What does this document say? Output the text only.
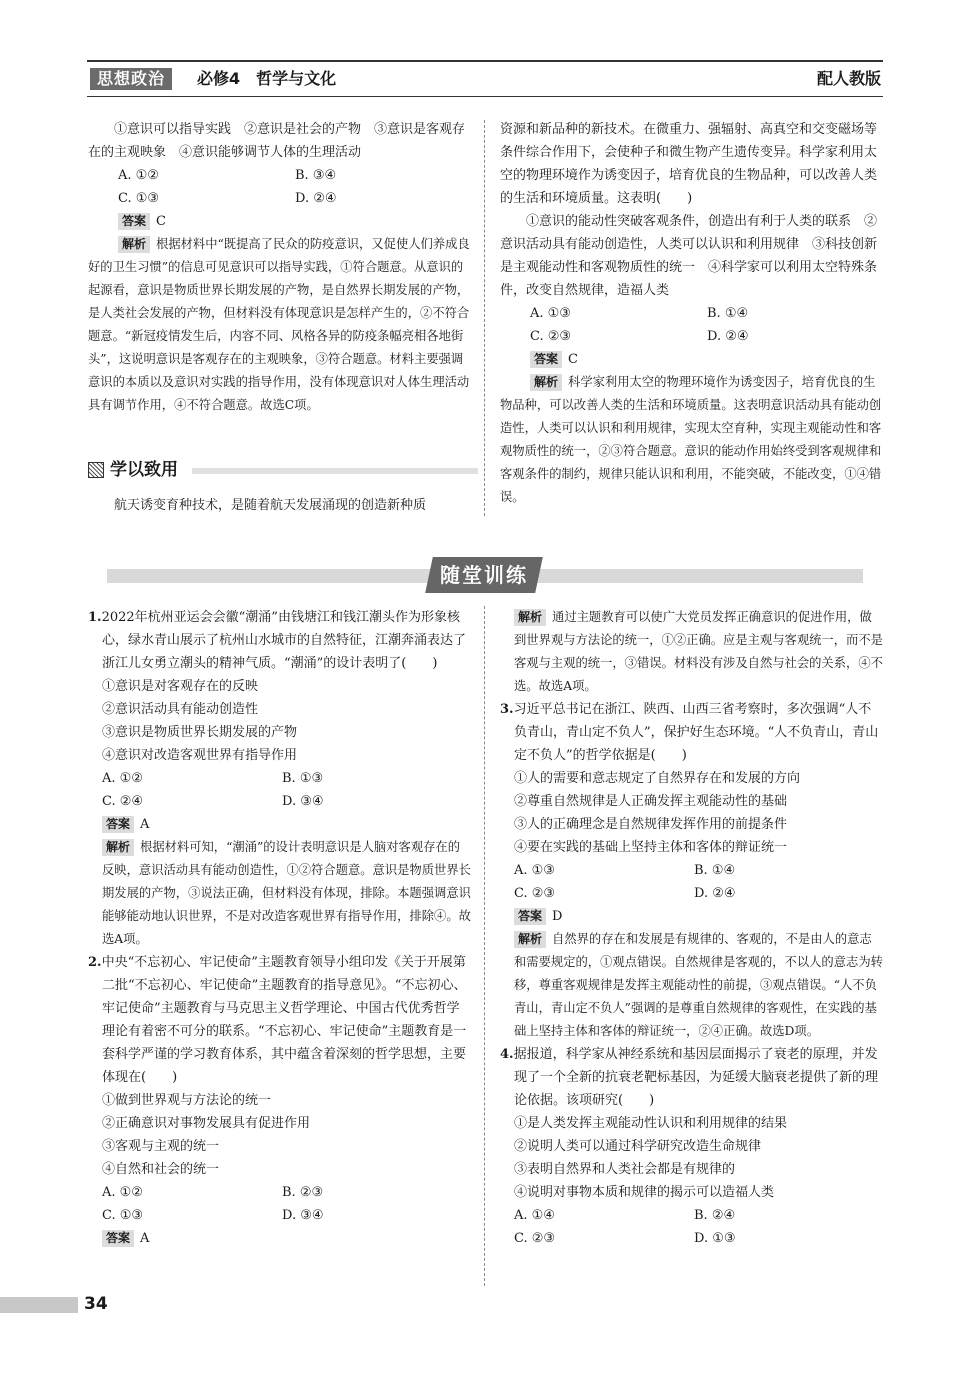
思想政治	必修4　哲学与文化	配人教版

①意识可以指导实践　②意识是社会的产物　③意识是客观存在的主观映象　④意识能够调节人体的生理活动

A. ①②	B. ③④
C. ①③	D. ②④

答案 C

解析 根据材料中“既提高了民众的防疫意识，又促使人们养成良好的卫生习惯”的信息可见意识可以指导实践，①符合题意。从意识的起源看，意识是物质世界长期发展的产物，是自然界长期发展的产物，是人类社会发展的产物，但材料没有体现意识是怎样产生的，②不符合题意。“新冠疫情发生后，内容不同、风格各异的防疫条幅亮相各地街头”，这说明意识是客观存在的主观映象，③符合题意。材料主要强调意识的本质以及意识对实践的指导作用，没有体现意识对人体生理活动具有调节作用，④不符合题意。故选C项。

学以致用

航天诱变育种技术，是随着航天发展涌现的创造新种质

资源和新品种的新技术。在微重力、强辐射、高真空和交变磁场等条件综合作用下，会使种子和微生物产生遗传变异。科学家利用太空的物理环境作为诱变因子，培育优良的生物品种，可以改善人类的生活和环境质量。这表明(　　)

①意识的能动性突破客观条件，创造出有利于人类的联系　②意识活动具有能动创造性，人类可以认识和利用规律　③科技创新是主观能动性和客观物质性的统一　④科学家可以利用太空特殊条件，改变自然规律，造福人类

A. ①③	B. ①④
C. ②③	D. ②④

答案 C

解析 科学家利用太空的物理环境作为诱变因子，培育优良的生物品种，可以改善人类的生活和环境质量。这表明意识活动具有能动创造性，人类可以认识和利用规律，实现太空育种，实现主观能动性和客观物质性的统一，②③符合题意。意识的能动作用始终受到客观规律和客观条件的制约，规律只能认识和利用，不能突破，不能改变，①④错误。

随堂训练

1.2022年杭州亚运会会徽“潮涌”由钱塘江和钱江潮头作为形象核心，绿水青山展示了杭州山水城市的自然特征，江潮奔涌表达了浙江儿女勇立潮头的精神气质。“潮涌”的设计表明了(　　)

①意识是对客观存在的反映

②意识活动具有能动创造性

③意识是物质世界长期发展的产物

④意识对改造客观世界有指导作用

A. ①②	B. ①③
C. ②④	D. ③④

答案 A

解析 根据材料可知，“潮涌”的设计表明意识是人脑对客观存在的反映，意识活动具有能动创造性，①②符合题意。意识是物质世界长期发展的产物，③说法正确，但材料没有体现，排除。本题强调意识能够能动地认识世界，不是对改造客观世界有指导作用，排除④。故选A项。

2.中央“不忘初心、牢记使命”主题教育领导小组印发《关于开展第二批“不忘初心、牢记使命”主题教育的指导意见》。“不忘初心、牢记使命”主题教育与马克思主义哲学理论、中国古代优秀哲学理论有着密不可分的联系。“不忘初心、牢记使命”主题教育是一套科学严谨的学习教育体系，其中蕴含着深刻的哲学思想，主要体现在(　　)

①做到世界观与方法论的统一

②正确意识对事物发展具有促进作用

③客观与主观的统一

④自然和社会的统一

A. ①②	B. ②③
C. ①③	D. ③④

答案 A

解析 通过主题教育可以使广大党员发挥正确意识的促进作用，做到世界观与方法论的统一，①②正确。应是主观与客观统一，而不是客观与主观的统一，③错误。材料没有涉及自然与社会的关系，④不选。故选A项。

3.习近平总书记在浙江、陕西、山西三省考察时，多次强调“人不负青山，青山定不负人”，保护好生态环境。“人不负青山，青山定不负人”的哲学依据是(　　)

①人的需要和意志规定了自然界存在和发展的方向

②尊重自然规律是人正确发挥主观能动性的基础

③人的正确理念是自然规律发挥作用的前提条件

④要在实践的基础上坚持主体和客体的辩证统一

A. ①③	B. ①④
C. ②③	D. ②④

答案 D

解析 自然界的存在和发展是有规律的、客观的，不是由人的意志和需要规定的，①观点错误。自然规律是客观的，不以人的意志为转移，尊重客观规律是发挥主观能动性的前提，③观点错误。“人不负青山，青山定不负人”强调的是尊重自然规律的客观性，在实践的基础上坚持主体和客体的辩证统一，②④正确。故选D项。

4.据报道，科学家从神经系统和基因层面揭示了衰老的原理，并发现了一个全新的抗衰老靶标基因，为延缓大脑衰老提供了新的理论依据。该项研究(　　)

①是人类发挥主观能动性认识和利用规律的结果

②说明人类可以通过科学研究改造生命规律

③表明自然界和人类社会都是有规律的

④说明对事物本质和规律的揭示可以造福人类

A. ①④	B. ②④
C. ②③	D. ①③
34
